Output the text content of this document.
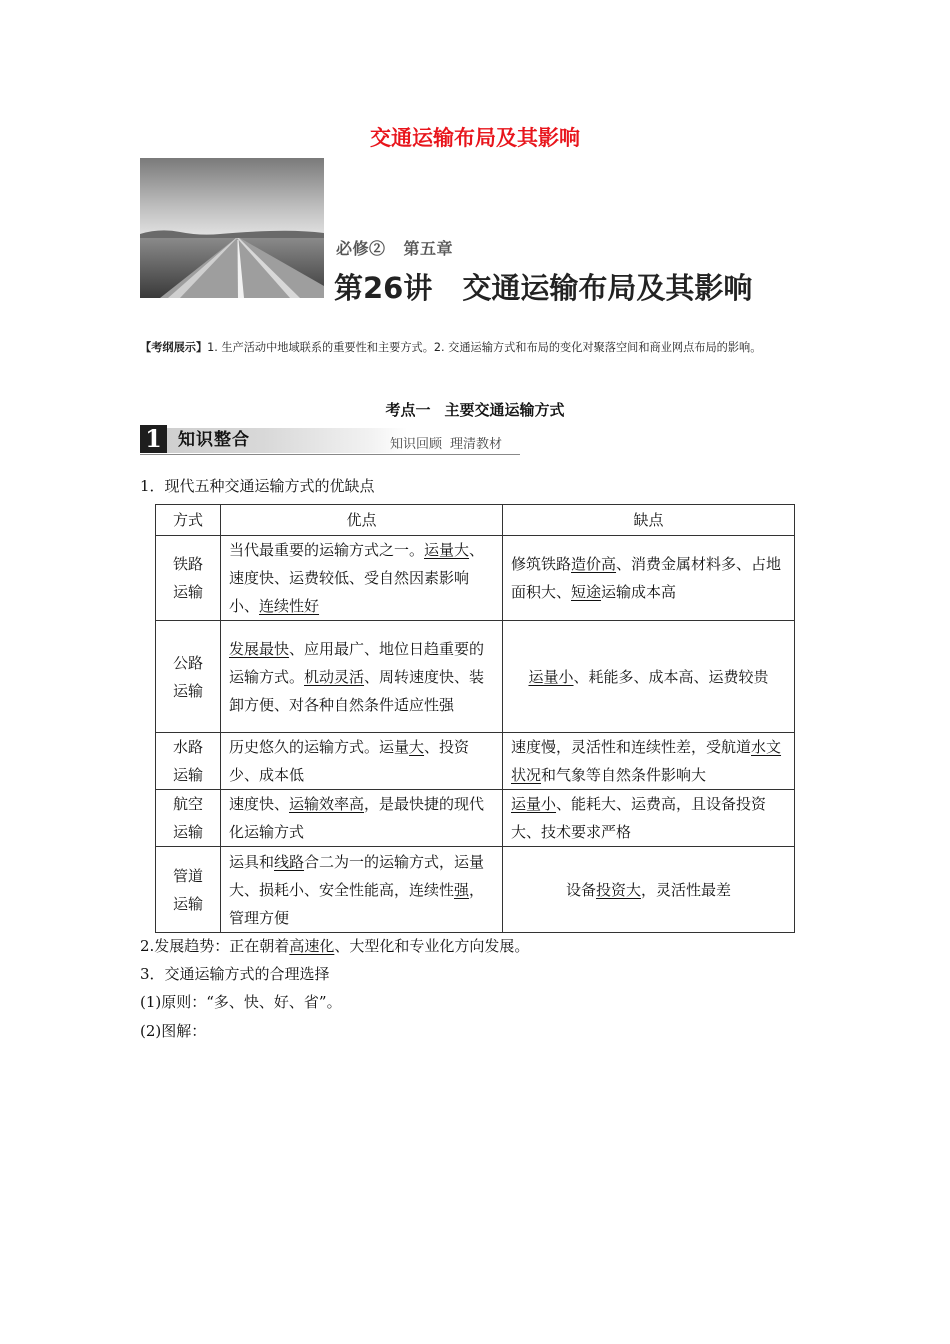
交通运输布局及其影响
必修② 第五章
第26讲 交通运输布局及其影响
【考纲展示】1. 生产活动中地域联系的重要性和主要方式。2. 交通运输方式和布局的变化对聚落空间和商业网点布局的影响。
考点一 主要交通运输方式
1 知识整合	知识回顾 理清教材
1．现代五种交通运输方式的优缺点
方式	优点	缺点
铁路
运输	当代最重要的运输方式之一。运量大、速度快、运费较低、受自然因素影响小、连续性好	修筑铁路造价高、消费金属材料多、占地面积大、短途运输成本高
公路
运输	发展最快、应用最广、地位日趋重要的运输方式。机动灵活、周转速度快、装卸方便、对各种自然条件适应性强	运量小、耗能多、成本高、运费较贵
水路
运输	历史悠久的运输方式。运量大、投资少、成本低	速度慢，灵活性和连续性差，受航道水文状况和气象等自然条件影响大
航空
运输	速度快、运输效率高，是最快捷的现代化运输方式	运量小、能耗大、运费高，且设备投资大、技术要求严格
管道
运输	运具和线路合二为一的运输方式，运量大、损耗小、安全性能高，连续性强，管理方便	设备投资大，灵活性最差
2.发展趋势：正在朝着高速化、大型化和专业化方向发展。
3．交通运输方式的合理选择
(1)原则：“多、快、好、省”。
(2)图解：
